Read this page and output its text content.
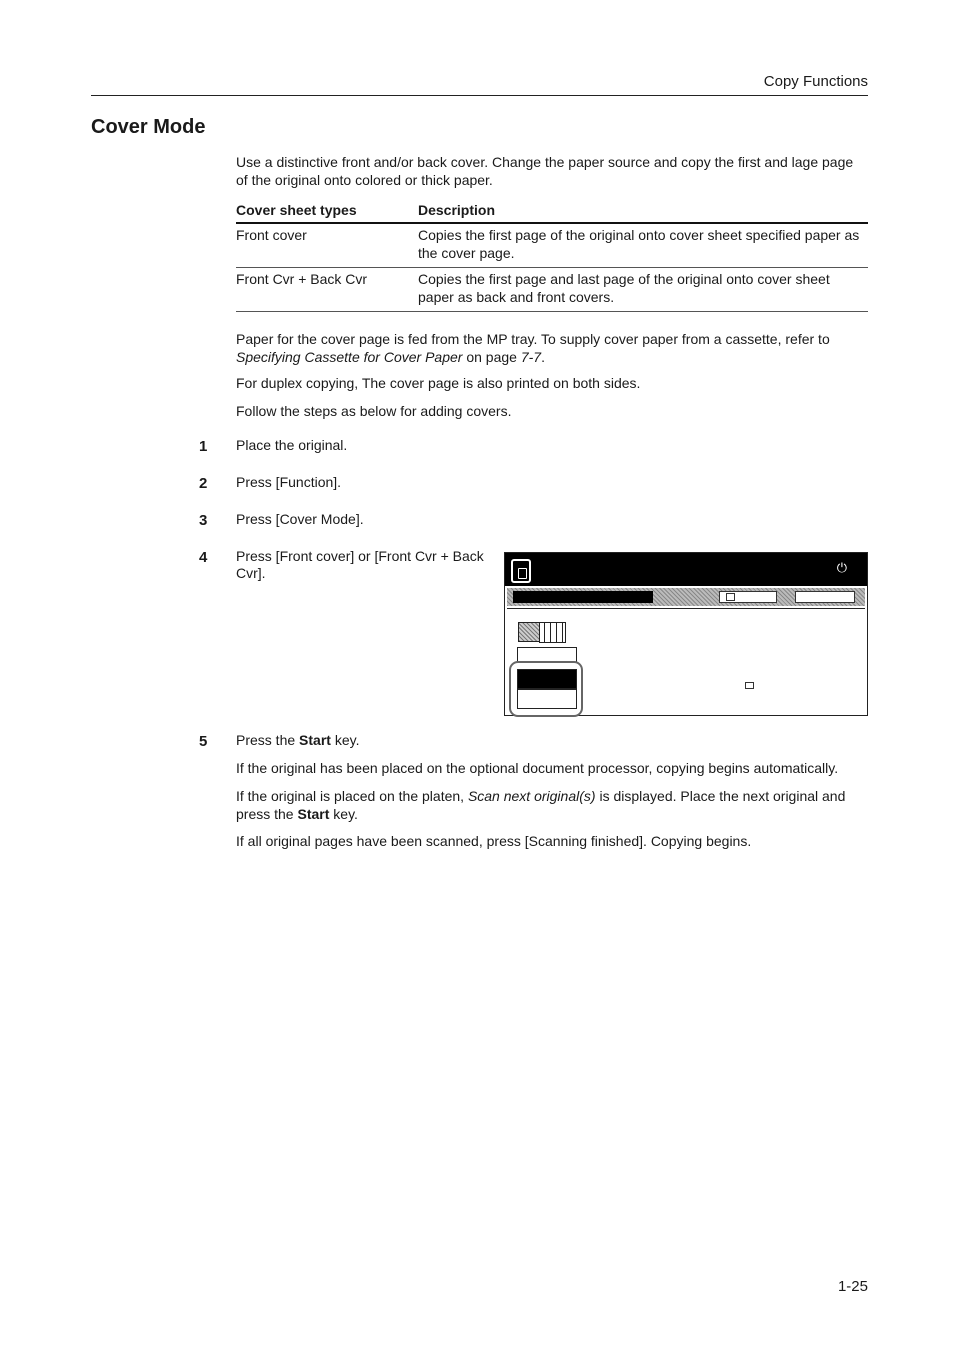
Copy Functions
Cover Mode
Use a distinctive front and/or back cover. Change the paper source and copy the first and lage page of the original onto colored or thick paper.
Cover sheet types	Description
Front cover	Copies the first page of the original onto cover sheet specified paper as the cover page.
Front Cvr + Back Cvr	Copies the first page and last page of the original onto cover sheet paper as back and front covers.
Paper for the cover page is fed from the MP tray. To supply cover paper from a cassette, refer to Specifying Cassette for Cover Paper on page 7-7.
For duplex copying, The cover page is also printed on both sides.
Follow the steps as below for adding covers.
1 Place the original.
2 Press [Function].
3 Press [Cover Mode].
4 Press [Front cover] or [Front Cvr + Back Cvr].	⏻
5 Press the Start key.
If the original has been placed on the optional document processor, copying begins automatically.
If the original is placed on the platen, Scan next original(s) is displayed. Place the next original and press the Start key.
If all original pages have been scanned, press [Scanning finished]. Copying begins.
1-25
